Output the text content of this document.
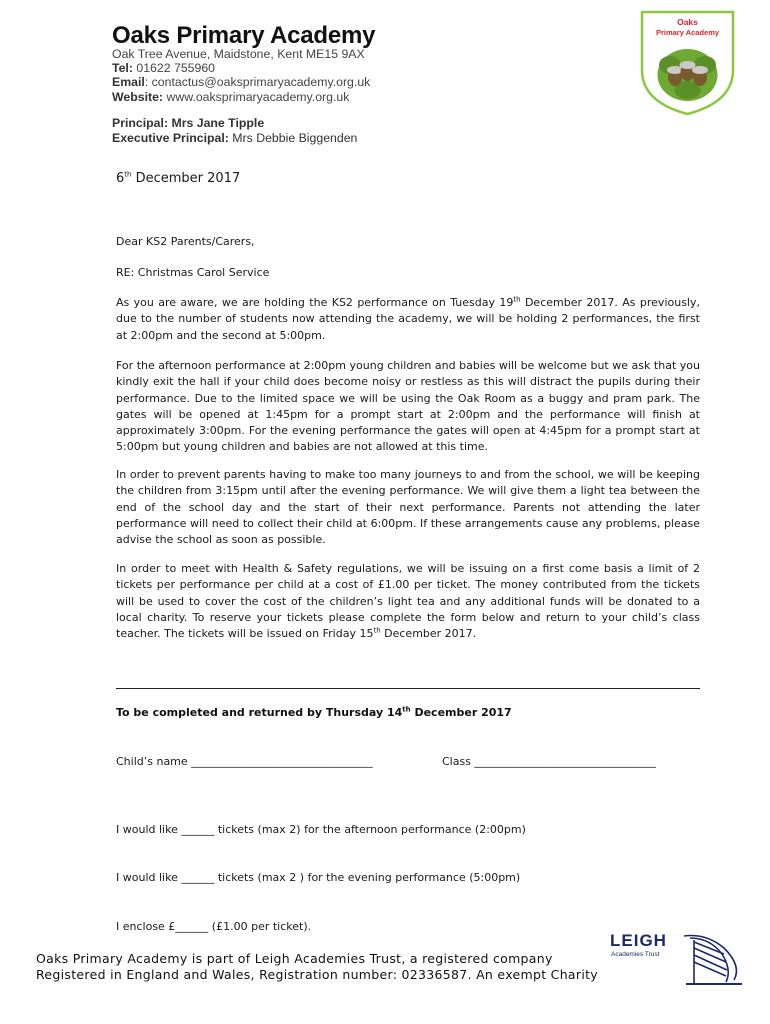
Oaks Primary Academy
Oak Tree Avenue, Maidstone, Kent ME15 9AX
Tel: 01622 755960
Email: contactus@oaksprimaryacademy.org.uk
Website: www.oaksprimaryacademy.org.uk
Principal: Mrs Jane Tipple
Executive Principal: Mrs Debbie Biggenden
Oaks
Primary Academy
6th December 2017
Dear KS2 Parents/Carers,
RE: Christmas Carol Service

As you are aware, we are holding the KS2 performance on Tuesday 19th December 2017. As previously, due to the number of students now attending the academy, we will be holding 2 performances, the first at 2:00pm and the second at 5:00pm.

For the afternoon performance at 2:00pm young children and babies will be welcome but we ask that you kindly exit the hall if your child does become noisy or restless as this will distract the pupils during their performance. Due to the limited space we will be using the Oak Room as a buggy and pram park. The gates will be opened at 1:45pm for a prompt start at 2:00pm and the performance will finish at approximately 3:00pm. For the evening performance the gates will open at 4:45pm for a prompt start at 5:00pm but young children and babies are not allowed at this time.

In order to prevent parents having to make too many journeys to and from the school, we will be keeping the children from 3:15pm until after the evening performance. We will give them a light tea between the end of the school day and the start of their next performance. Parents not attending the later performance will need to collect their child at 6:00pm. If these arrangements cause any problems, please advise the school as soon as possible.

In order to meet with Health & Safety regulations, we will be issuing on a first come basis a limit of 2 tickets per performance per child at a cost of £1.00 per ticket. The money contributed from the tickets will be used to cover the cost of the children’s light tea and any additional funds will be donated to a local charity. To reserve your tickets please complete the form below and return to your child’s class teacher. The tickets will be issued on Friday 15th December 2017.

To be completed and returned by Thursday 14th December 2017
Child’s name _________________________________	Class _________________________________

I would like ______ tickets (max 2) for the afternoon performance (2:00pm)

I would like ______ tickets (max 2 ) for the evening performance (5:00pm)

I enclose £______ (£1.00 per ticket).

Oaks Primary Academy is part of Leigh Academies Trust, a registered company
Registered in England and Wales, Registration number: 02336587. An exempt Charity
LEIGH
Academies Trust
